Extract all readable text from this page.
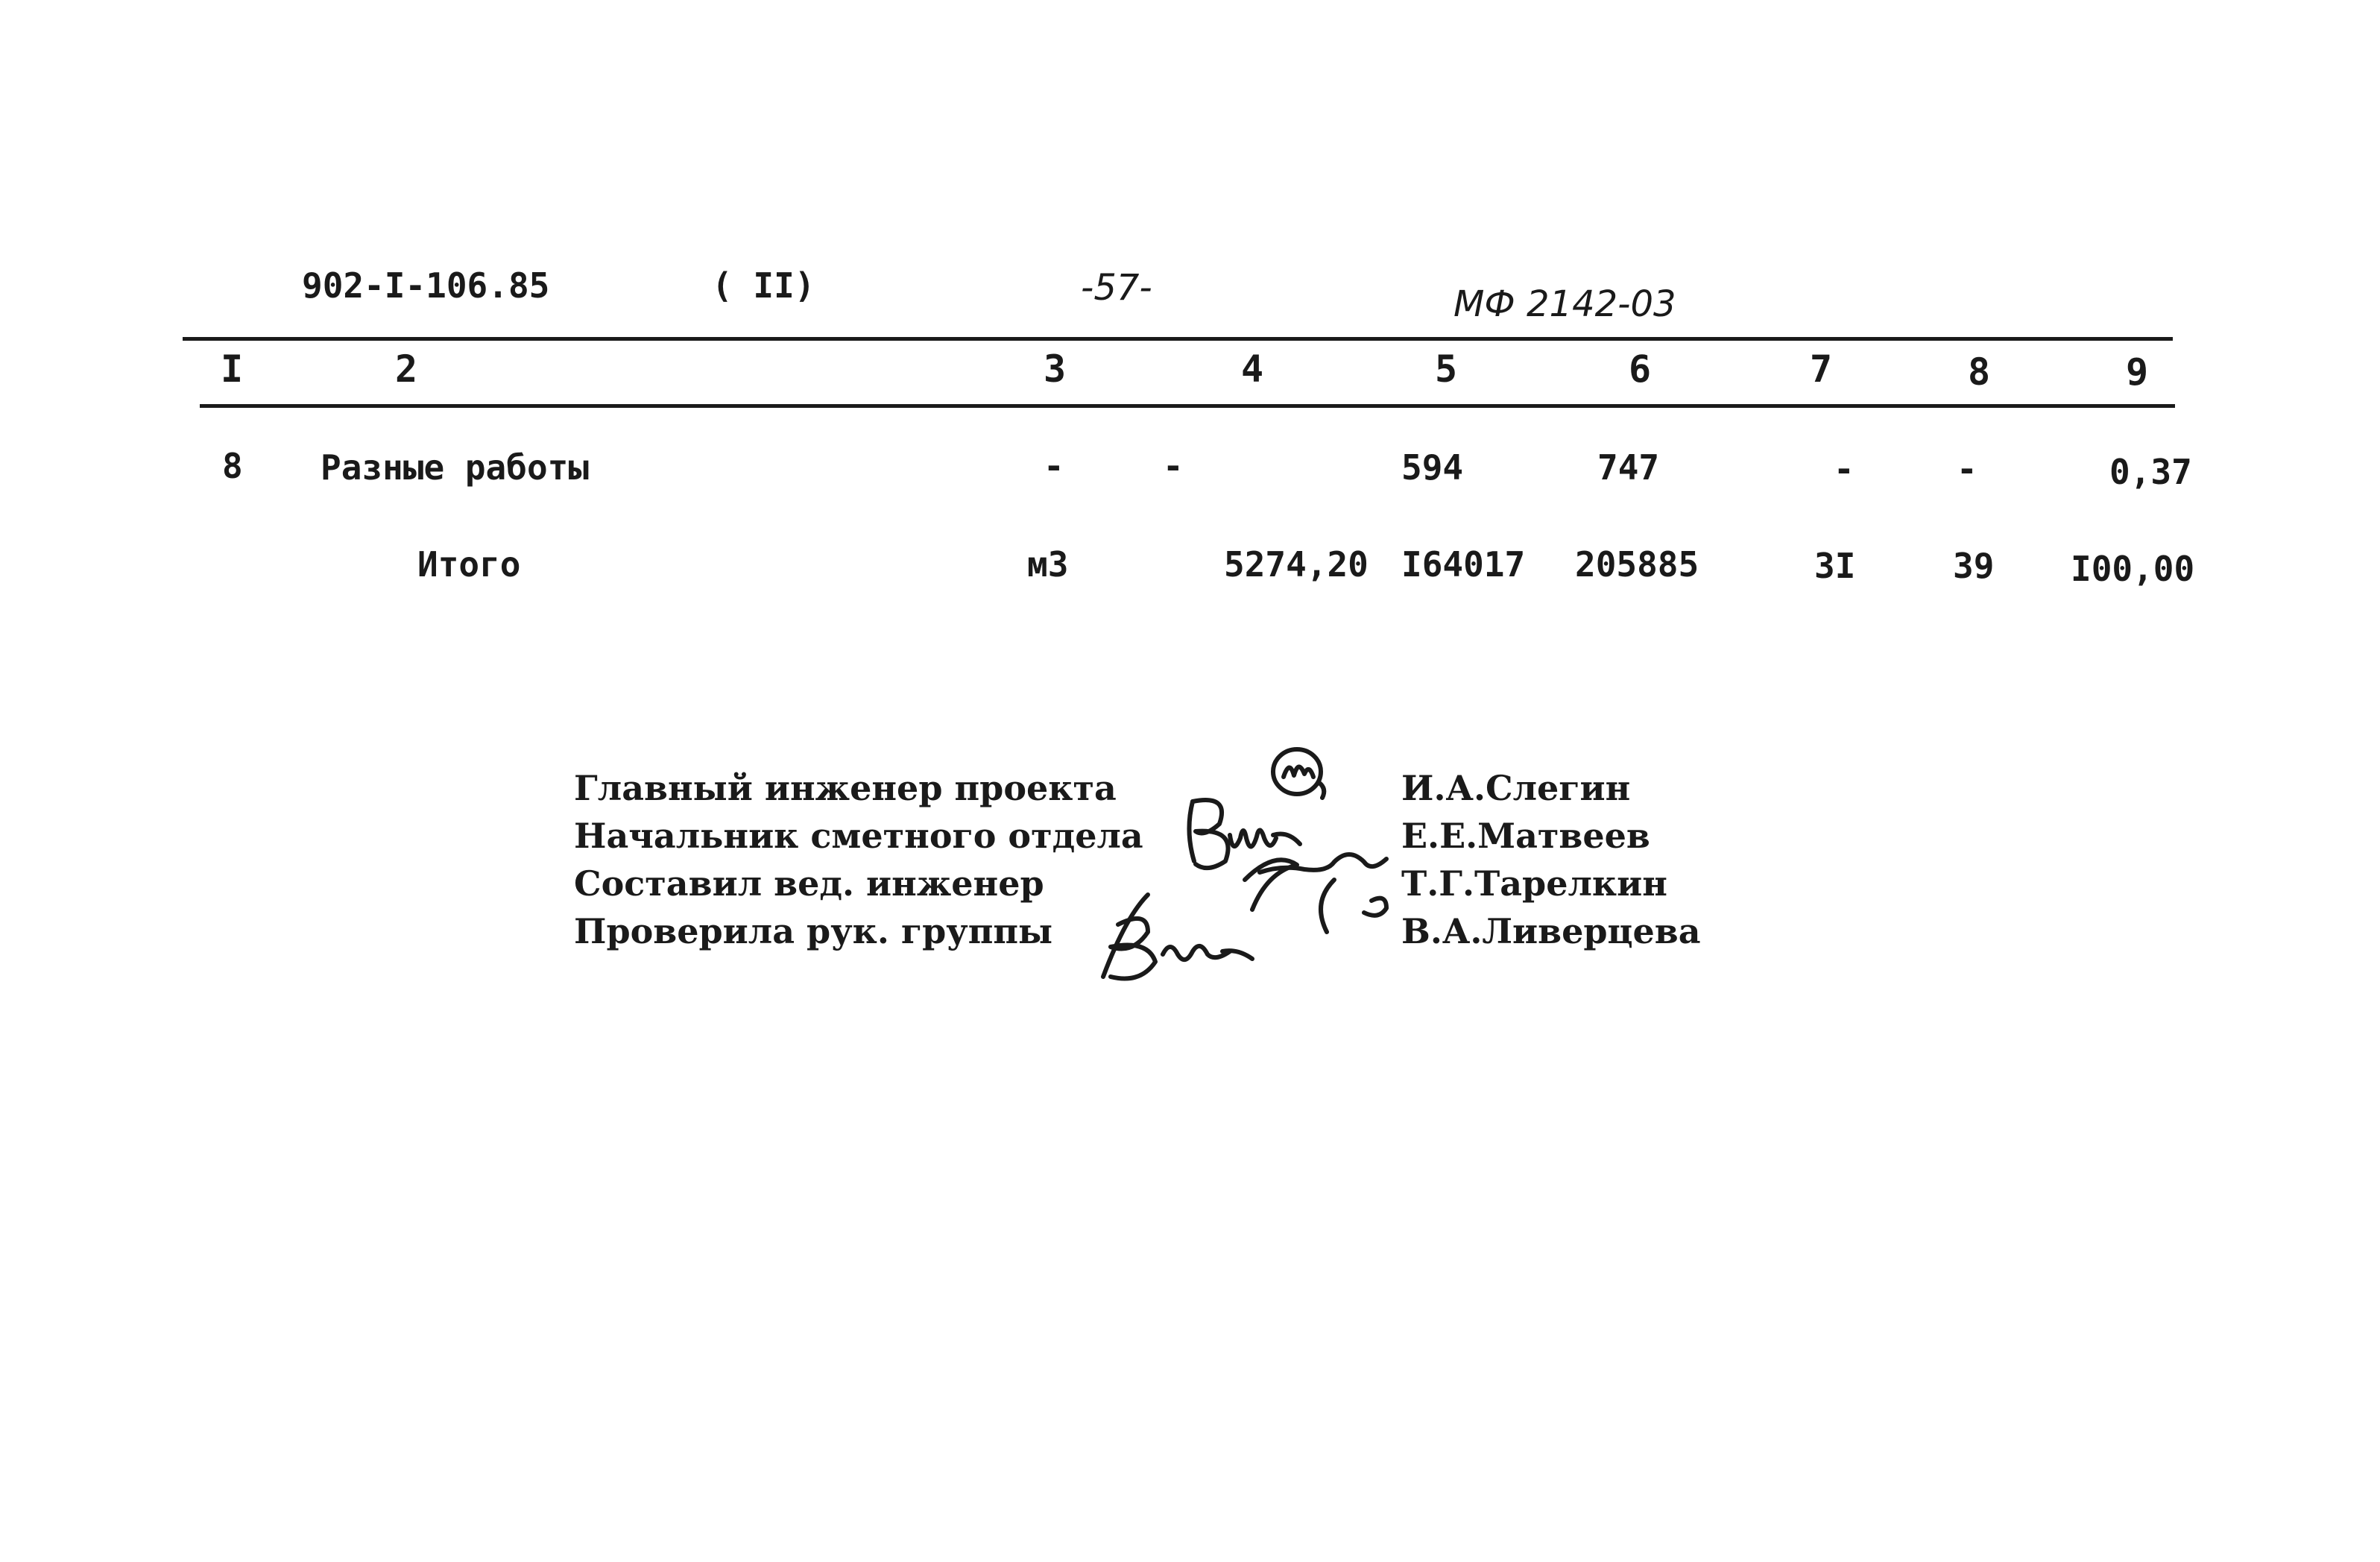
902-I-106.85	( II)	-57-	МФ 2142-03
I	2	3	4	5	6	7	8	9
8 Разные работы	-	-	594	747	-	-	0,37
Итого	м3	5274,20 I64017 205885	3I	39 I00,00
Главный инженер проекта
Начальник сметного отдела
Составил вед. инженер
Проверила рук. группы
И.А.Слегин
Е.Е.Матвеев
Т.Г.Тарелкин
В.А.Ливерцева
